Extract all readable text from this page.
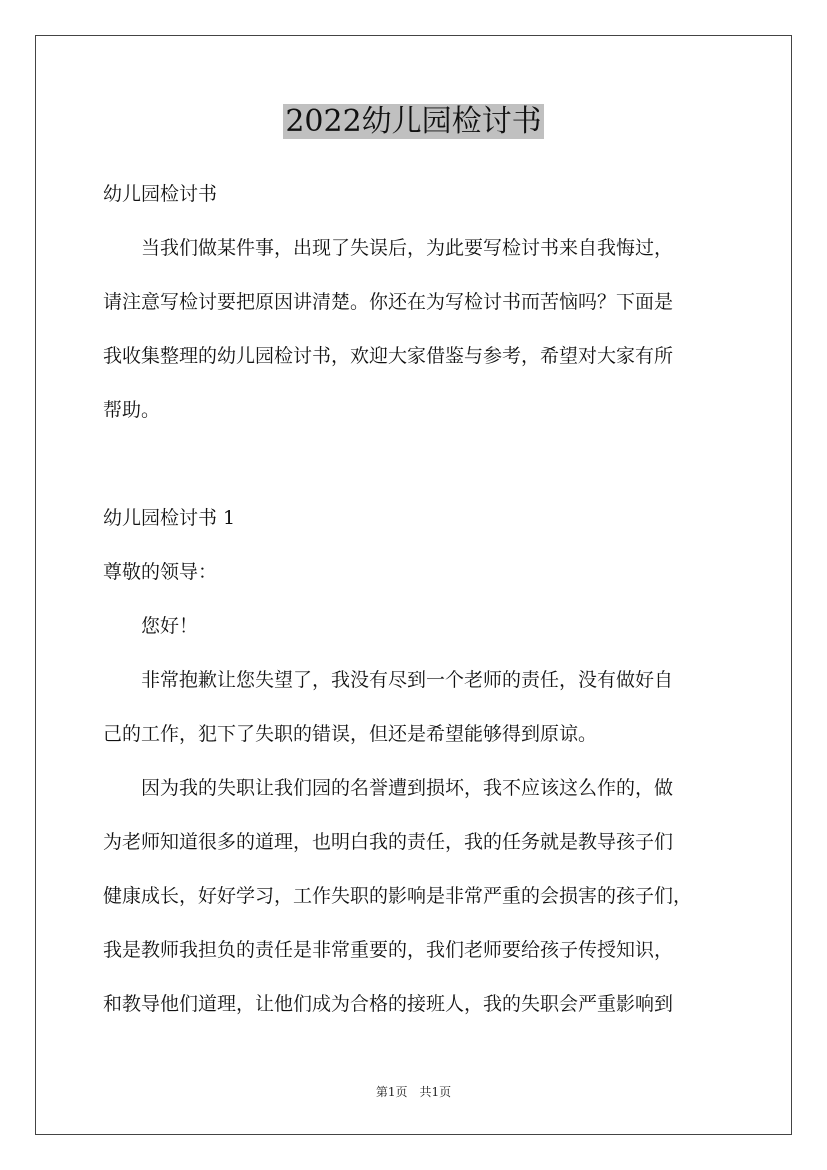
2022幼儿园检讨书

幼儿园检讨书

当我们做某件事，出现了失误后，为此要写检讨书来自我悔过，

请注意写检讨要把原因讲清楚。你还在为写检讨书而苦恼吗？下面是

我收集整理的幼儿园检讨书，欢迎大家借鉴与参考，希望对大家有所

帮助。

幼儿园检讨书 1

尊敬的领导：

您好！

非常抱歉让您失望了，我没有尽到一个老师的责任，没有做好自

己的工作，犯下了失职的错误，但还是希望能够得到原谅。

因为我的失职让我们园的名誉遭到损坏，我不应该这么作的，做

为老师知道很多的道理，也明白我的责任，我的任务就是教导孩子们

健康成长，好好学习，工作失职的影响是非常严重的会损害的孩子们，

我是教师我担负的责任是非常重要的，我们老师要给孩子传授知识，

和教导他们道理，让他们成为合格的接班人，我的失职会严重影响到

第1页　共1页
